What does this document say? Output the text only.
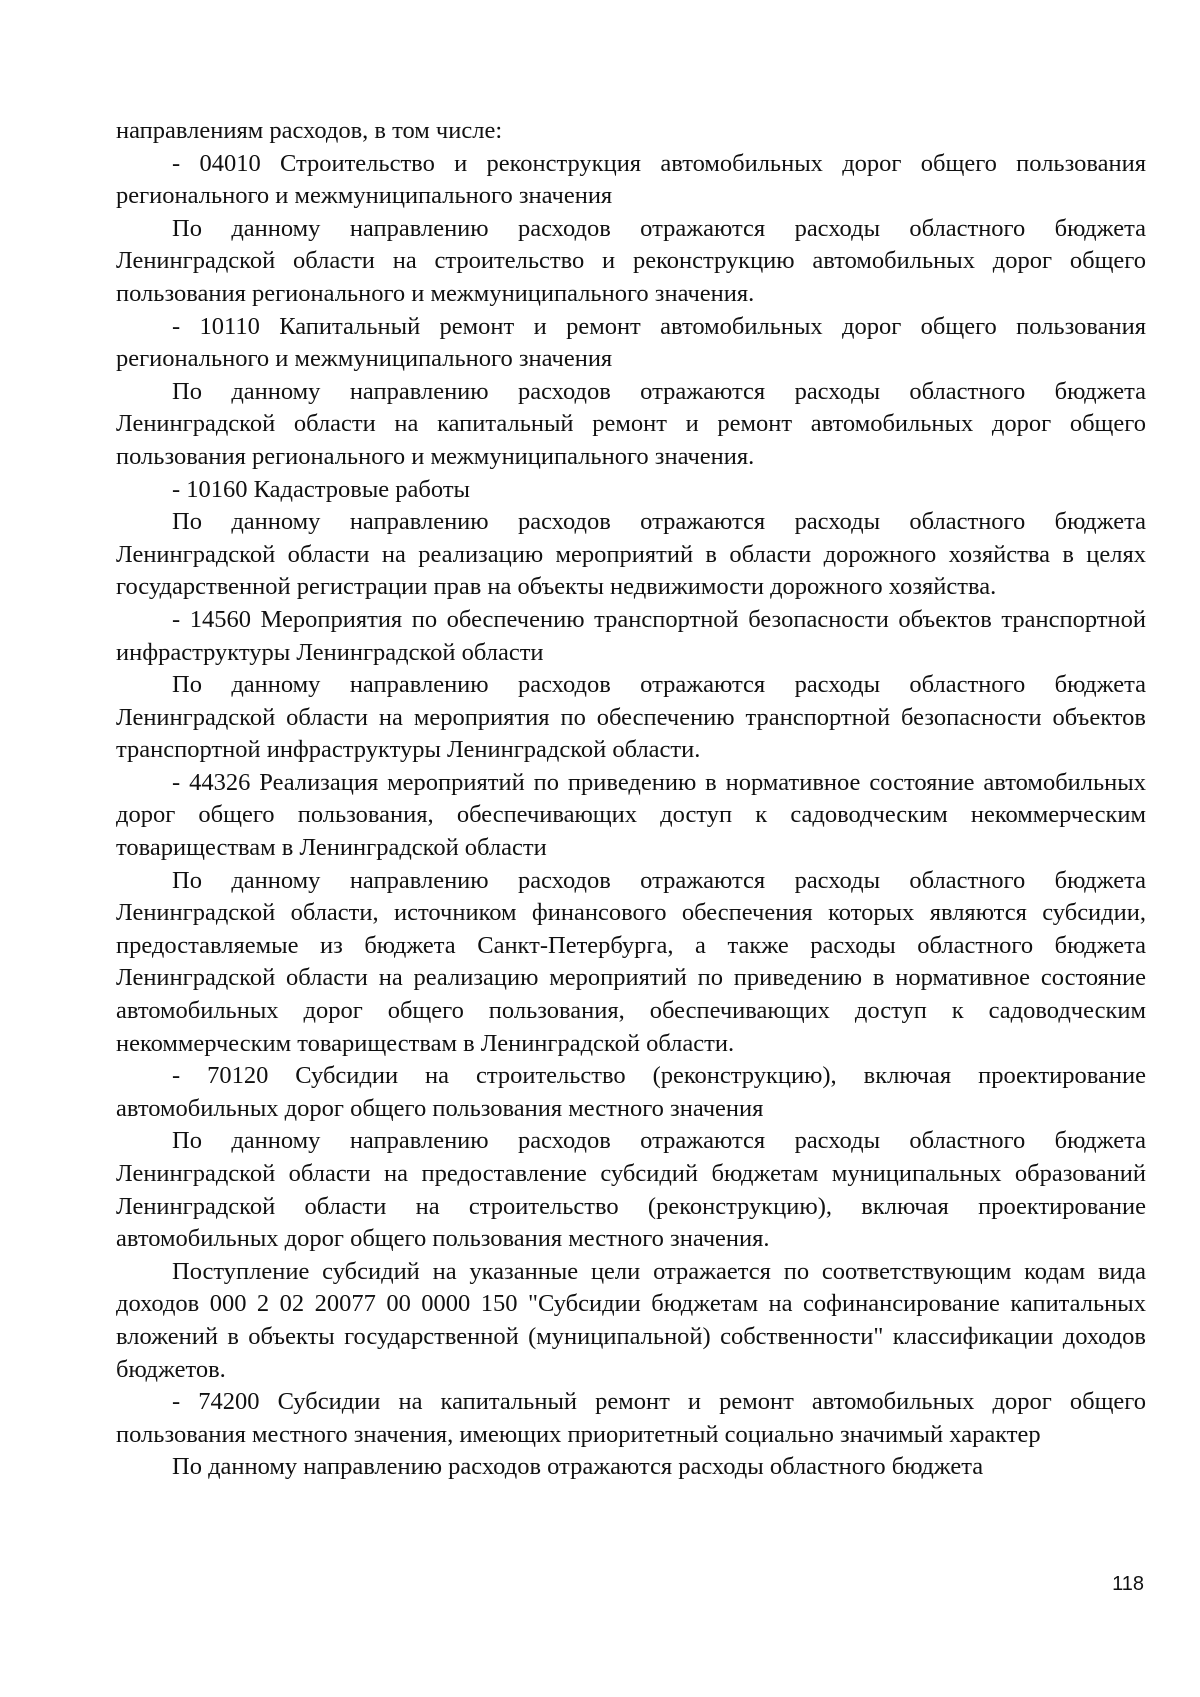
направлениям расходов, в том числе:

- 04010 Строительство и реконструкция автомобильных дорог общего пользования регионального и межмуниципального значения

По данному направлению расходов отражаются расходы областного бюджета Ленинградской области на строительство и реконструкцию автомобильных дорог общего пользования регионального и межмуниципального значения.

- 10110 Капитальный ремонт и ремонт автомобильных дорог общего пользования регионального и межмуниципального значения

По данному направлению расходов отражаются расходы областного бюджета Ленинградской области на капитальный ремонт и ремонт автомобильных дорог общего пользования регионального и межмуниципального значения.

- 10160 Кадастровые работы

По данному направлению расходов отражаются расходы областного бюджета Ленинградской области на реализацию мероприятий в области дорожного хозяйства в целях государственной регистрации прав на объекты недвижимости дорожного хозяйства.

- 14560 Мероприятия по обеспечению транспортной безопасности объектов транспортной инфраструктуры Ленинградской области

По данному направлению расходов отражаются расходы областного бюджета Ленинградской области на мероприятия по обеспечению транспортной безопасности объектов транспортной инфраструктуры Ленинградской области.

- 44326 Реализация мероприятий по приведению в нормативное состояние автомобильных дорог общего пользования, обеспечивающих доступ к садоводческим некоммерческим товариществам в Ленинградской области

По данному направлению расходов отражаются расходы областного бюджета Ленинградской области, источником финансового обеспечения которых являются субсидии, предоставляемые из бюджета Санкт-Петербурга, а также расходы областного бюджета Ленинградской области на реализацию мероприятий по приведению в нормативное состояние автомобильных дорог общего пользования, обеспечивающих доступ к садоводческим некоммерческим товариществам в Ленинградской области.

- 70120 Субсидии на строительство (реконструкцию), включая проектирование автомобильных дорог общего пользования местного значения

По данному направлению расходов отражаются расходы областного бюджета Ленинградской области на предоставление субсидий бюджетам муниципальных образований Ленинградской области на строительство (реконструкцию), включая проектирование автомобильных дорог общего пользования местного значения.

Поступление субсидий на указанные цели отражается по соответствующим кодам вида доходов 000 2 02 20077 00 0000 150 "Субсидии бюджетам на софинансирование капитальных вложений в объекты государственной (муниципальной) собственности" классификации доходов бюджетов.

- 74200 Субсидии на капитальный ремонт и ремонт автомобильных дорог общего пользования местного значения, имеющих приоритетный социально значимый характер

По данному направлению расходов отражаются расходы областного бюджета

118
